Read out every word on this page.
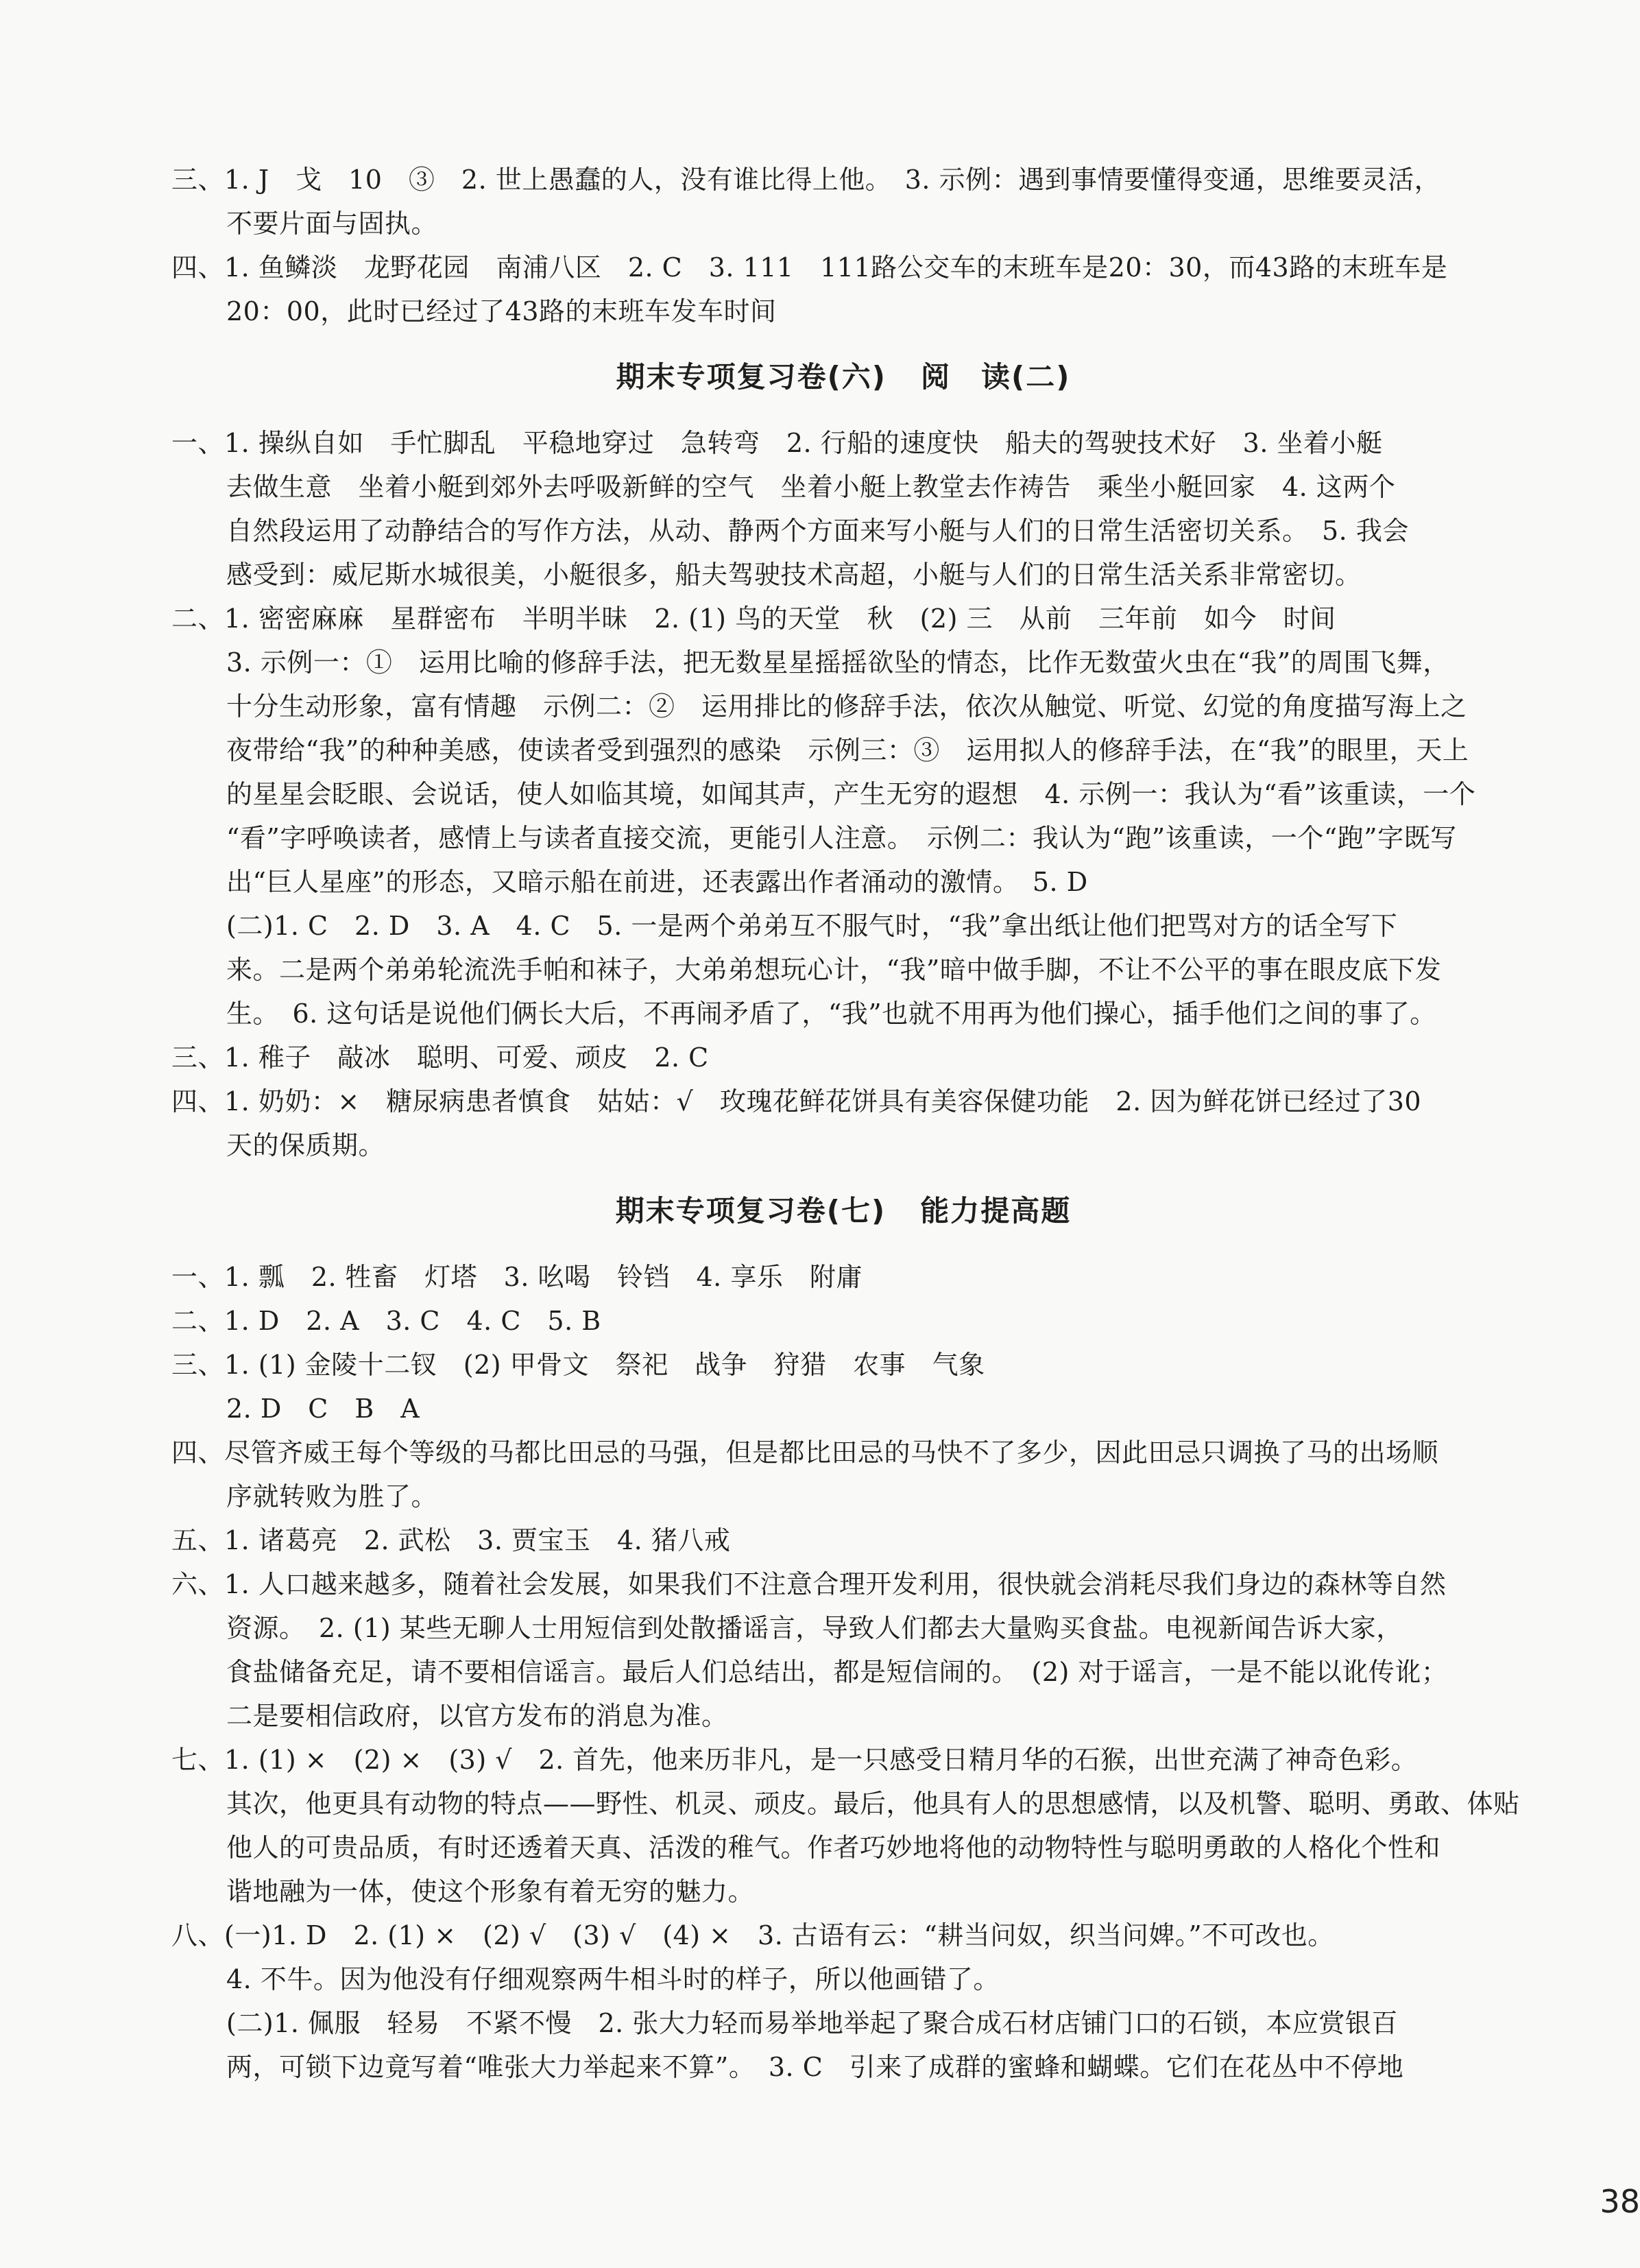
三、1. J　戈　10　③　2. 世上愚蠢的人，没有谁比得上他。　3. 示例：遇到事情要懂得变通，思维要灵活，
不要片面与固执。
四、1. 鱼鳞淡　龙野花园　南浦八区　2. C　3. 111　111路公交车的末班车是20：30，而43路的末班车是
20：00，此时已经过了43路的末班车发车时间
期末专项复习卷(六) 阅　读(二)
一、1. 操纵自如　手忙脚乱　平稳地穿过　急转弯　2. 行船的速度快　船夫的驾驶技术好　3. 坐着小艇
去做生意　坐着小艇到郊外去呼吸新鲜的空气　坐着小艇上教堂去作祷告　乘坐小艇回家　4. 这两个
自然段运用了动静结合的写作方法，从动、静两个方面来写小艇与人们的日常生活密切关系。　5. 我会
感受到：威尼斯水城很美，小艇很多，船夫驾驶技术高超，小艇与人们的日常生活关系非常密切。
二、1. 密密麻麻　星群密布　半明半昧　2. (1) 鸟的天堂　秋　(2) 三　从前　三年前　如今　时间
3. 示例一：①　运用比喻的修辞手法，把无数星星摇摇欲坠的情态，比作无数萤火虫在“我”的周围飞舞，
十分生动形象，富有情趣　示例二：②　运用排比的修辞手法，依次从触觉、听觉、幻觉的角度描写海上之
夜带给“我”的种种美感，使读者受到强烈的感染　示例三：③　运用拟人的修辞手法，在“我”的眼里，天上
的星星会眨眼、会说话，使人如临其境，如闻其声，产生无穷的遐想　4. 示例一：我认为“看”该重读，一个
“看”字呼唤读者，感情上与读者直接交流，更能引人注意。　示例二：我认为“跑”该重读，一个“跑”字既写
出“巨人星座”的形态，又暗示船在前进，还表露出作者涌动的激情。　5. D
(二)1. C　2. D　3. A　4. C　5. 一是两个弟弟互不服气时，“我”拿出纸让他们把骂对方的话全写下
来。二是两个弟弟轮流洗手帕和袜子，大弟弟想玩心计，“我”暗中做手脚，不让不公平的事在眼皮底下发
生。　6. 这句话是说他们俩长大后，不再闹矛盾了，“我”也就不用再为他们操心，插手他们之间的事了。
三、1. 稚子　敲冰　聪明、可爱、顽皮　2. C
四、1. 奶奶：×　糖尿病患者慎食　姑姑：√　玫瑰花鲜花饼具有美容保健功能　2. 因为鲜花饼已经过了30
天的保质期。
期末专项复习卷(七) 能力提高题
一、1. 瓢　2. 牲畜　灯塔　3. 吆喝　铃铛　4. 享乐　附庸
二、1. D　2. A　3. C　4. C　5. B
三、1. (1) 金陵十二钗　(2) 甲骨文　祭祀　战争　狩猎　农事　气象
2. D　C　B　A
四、尽管齐威王每个等级的马都比田忌的马强，但是都比田忌的马快不了多少，因此田忌只调换了马的出场顺
序就转败为胜了。
五、1. 诸葛亮　2. 武松　3. 贾宝玉　4. 猪八戒
六、1. 人口越来越多，随着社会发展，如果我们不注意合理开发利用，很快就会消耗尽我们身边的森林等自然
资源。　2. (1) 某些无聊人士用短信到处散播谣言，导致人们都去大量购买食盐。电视新闻告诉大家，
食盐储备充足，请不要相信谣言。最后人们总结出，都是短信闹的。　(2) 对于谣言，一是不能以讹传讹；
二是要相信政府，以官方发布的消息为准。
七、1. (1) ×　(2) ×　(3) √　2. 首先，他来历非凡，是一只感受日精月华的石猴，出世充满了神奇色彩。
其次，他更具有动物的特点——野性、机灵、顽皮。最后，他具有人的思想感情，以及机警、聪明、勇敢、体贴
他人的可贵品质，有时还透着天真、活泼的稚气。作者巧妙地将他的动物特性与聪明勇敢的人格化个性和
谐地融为一体，使这个形象有着无穷的魅力。
八、(一)1. D　2. (1) ×　(2) √　(3) √　(4) ×　3. 古语有云：“耕当问奴，织当问婢。”不可改也。
4. 不牛。因为他没有仔细观察两牛相斗时的样子，所以他画错了。
(二)1. 佩服　轻易　不紧不慢　2. 张大力轻而易举地举起了聚合成石材店铺门口的石锁，本应赏银百
两，可锁下边竟写着“唯张大力举起来不算”。　3. C　引来了成群的蜜蜂和蝴蝶。它们在花丛中不停地
38
